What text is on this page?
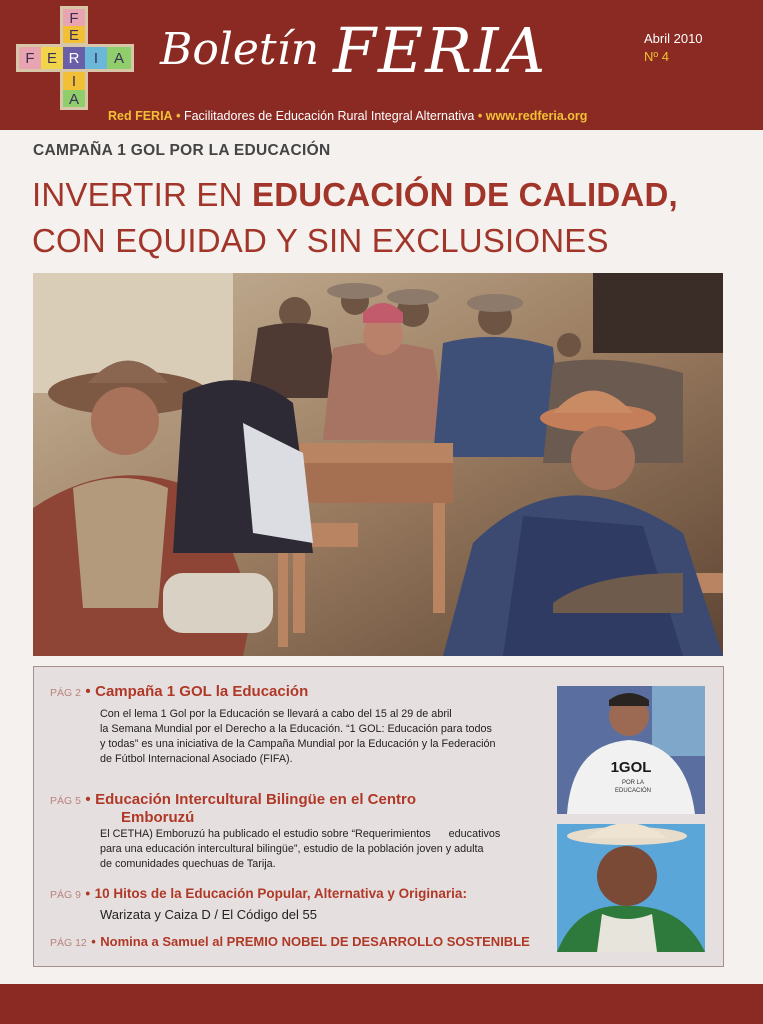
F
E
I
A
F E R I A Boletín FERIA	Abril 2010
Nº 4
Red FERIA • Facilitadores de Educación Rural Integral Alternativa • www.redferia.org
CAMPAÑA 1 GOL POR LA EDUCACIÓN
INVERTIR EN EDUCACIÓN DE CALIDAD,
CON EQUIDAD Y SIN EXCLUSIONES
PÁG 2 • Campaña 1 GOL la Educación
Con el lema 1 Gol por la Educación se llevará a cabo del 15 al 29 de abril
la Semana Mundial por el Derecho a la Educación. “1 GOL: Educación para todos
y todas” es una iniciativa de la Campaña Mundial por la Educación y la Federación
de Fútbol Internacional Asociado (FIFA).
PÁG 5 • Educación Intercultural Bilingüe en el Centro
Emboruzú
El CETHA) Emboruzú ha publicado el estudio sobre “Requerimientos      educativos
para una educación intercultural bilingüe”, estudio de la población joven y adulta
de comunidades quechuas de Tarija.
PÁG 9 • 10 Hitos de la Educación Popular, Alternativa y Originaria:
Warizata y Caiza D / El Código del 55
PÁG 12 • Nomina a Samuel al PREMIO NOBEL DE DESARROLLO SOSTENIBLE
1GOL
POR LA
EDUCACIÓN
